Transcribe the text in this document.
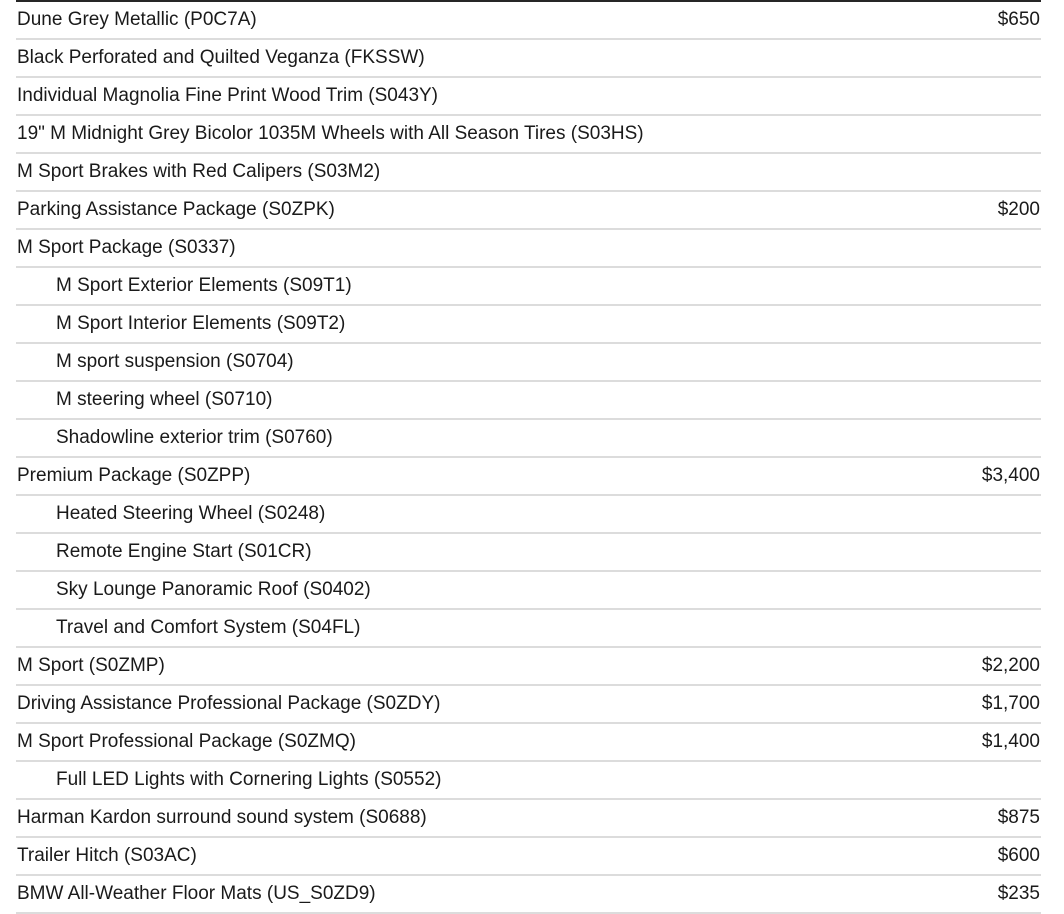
Dune Grey Metallic (P0C7A)	$650
Black Perforated and Quilted Veganza (FKSSW)
Individual Magnolia Fine Print Wood Trim (S043Y)
19" M Midnight Grey Bicolor 1035M Wheels with All Season Tires (S03HS)
M Sport Brakes with Red Calipers (S03M2)
Parking Assistance Package (S0ZPK)	$200
M Sport Package (S0337)
M Sport Exterior Elements (S09T1)
M Sport Interior Elements (S09T2)
M sport suspension (S0704)
M steering wheel (S0710)
Shadowline exterior trim (S0760)
Premium Package (S0ZPP)	$3,400
Heated Steering Wheel (S0248)
Remote Engine Start (S01CR)
Sky Lounge Panoramic Roof (S0402)
Travel and Comfort System (S04FL)
M Sport (S0ZMP)	$2,200
Driving Assistance Professional Package (S0ZDY)	$1,700
M Sport Professional Package (S0ZMQ)	$1,400
Full LED Lights with Cornering Lights (S0552)
Harman Kardon surround sound system (S0688)	$875
Trailer Hitch (S03AC)	$600
BMW All-Weather Floor Mats (US_S0ZD9)	$235
